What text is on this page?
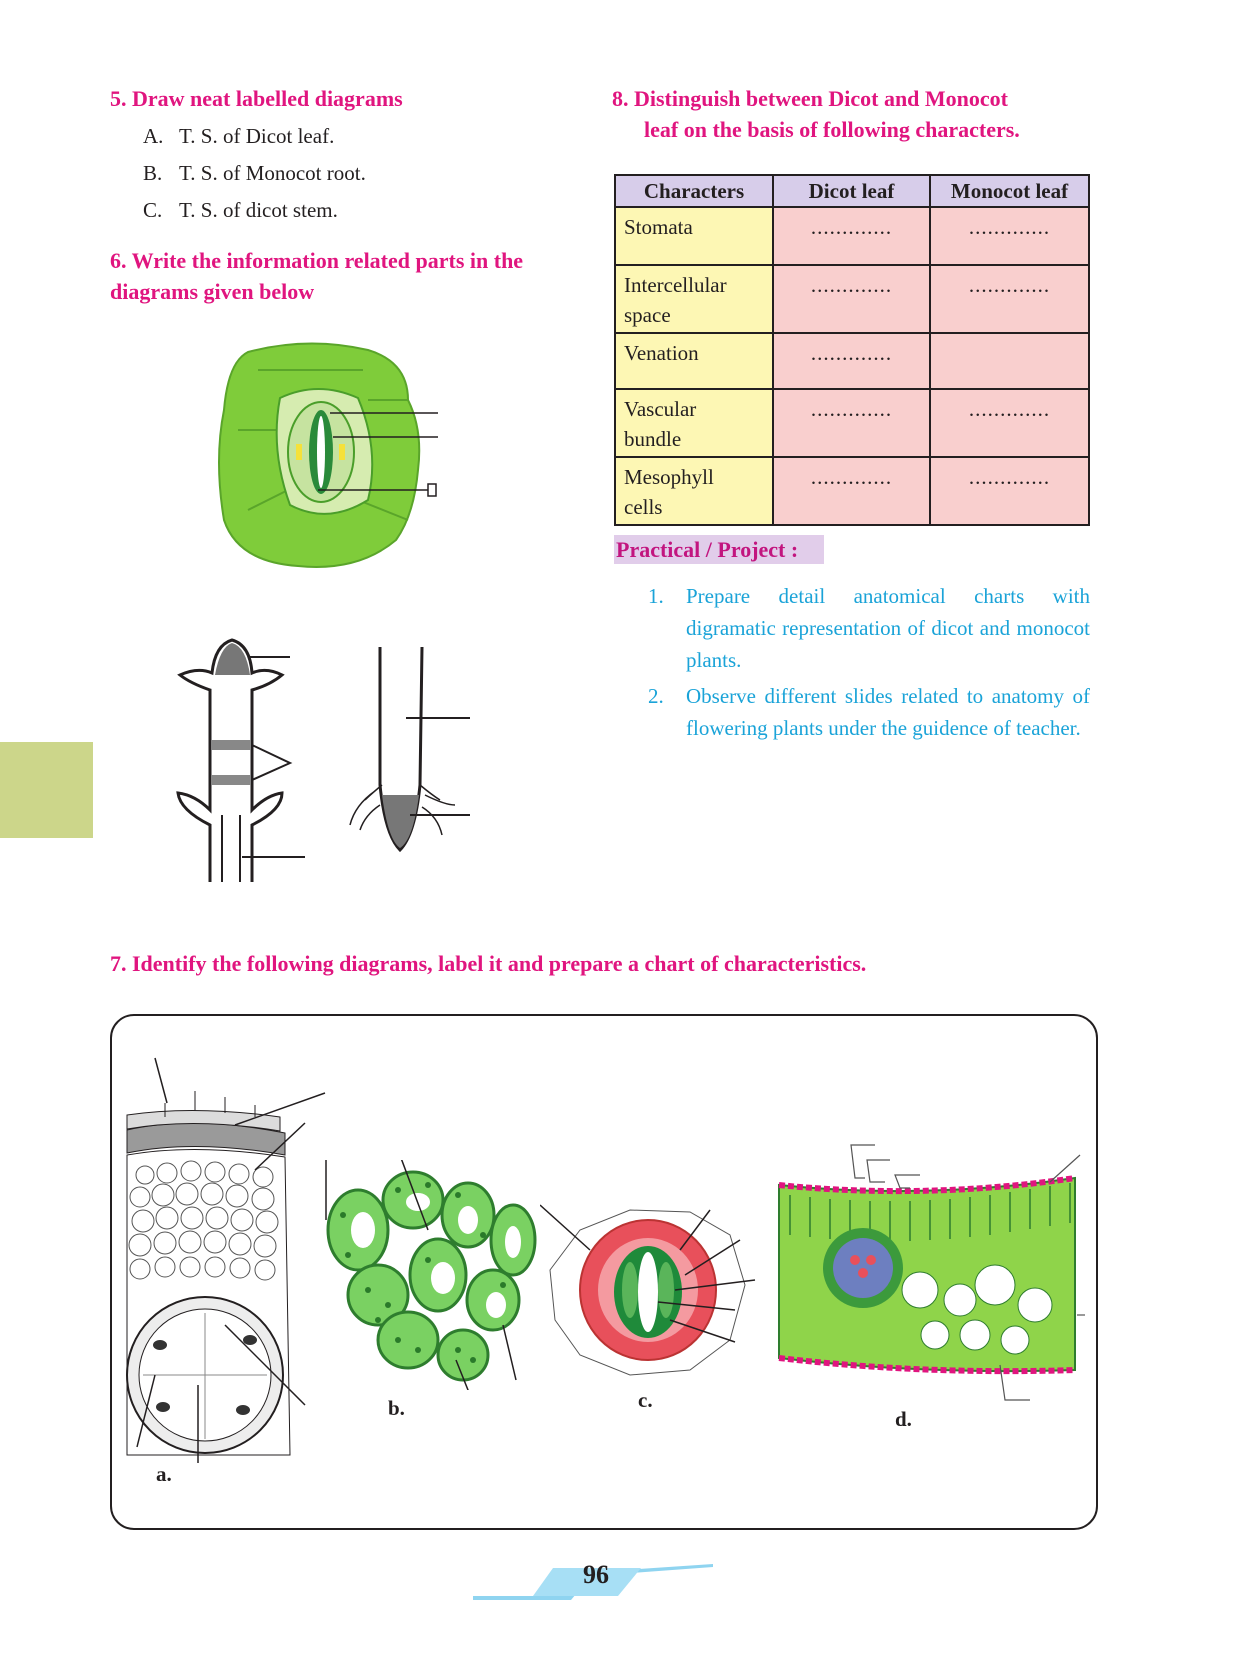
5. Draw neat labelled diagrams
A. T. S. of Dicot leaf.
B. T. S. of Monocot root.
C. T. S. of dicot stem.
6. Write the information related parts in the
diagrams given below
8. Distinguish between Dicot and Monocot
leaf on the basis of following characters.
Characters	Dicot leaf	Monocot leaf

Stomata	.............	.............

Intercellular
space	.............	.............

Venation	.............	

Vascular
bundle	.............	.............

Mesophyll
cells	.............	.............
Practical / Project :
1. Prepare detail anatomical charts with digramatic representation of dicot and monocot plants.
2. Observe different slides related to anatomy of flowering plants under the guidence of teacher.
7. Identify the following diagrams, label it and prepare a chart of characteristics.
a.
b.	c.
d.
96
